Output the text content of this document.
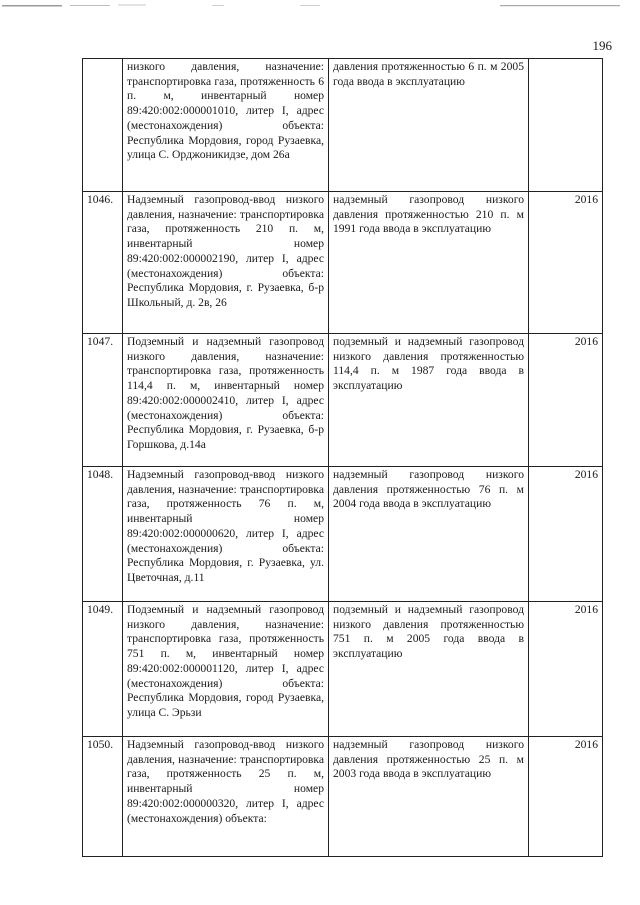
196
	низкого давления, назначение: транспортировка газа, протяженность 6 п. м, инвентарный номер 89:420:002:000001010, литер I, адрес (местонахождения) объекта: Республика Мордовия, город Рузаевка, улица С. Орджоникидзе, дом 26а	давления протяженностью 6 п. м 2005 года ввода в эксплуатацию	
1046.	Надземный газопровод-ввод низкого давления, назначение: транспортировка газа, протяженность 210 п. м, инвентарный номер 89:420:002:000002190, литер I, адрес (местонахождения) объекта: Республика Мордовия, г. Рузаевка, б-р Школьный, д. 2в, 26	надземный газопровод низкого давления протяженностью 210 п. м 1991 года ввода в эксплуатацию	2016
1047.	Подземный и надземный газопровод низкого давления, назначение: транспортировка газа, протяженность 114,4 п. м, инвентарный номер 89:420:002:000002410, литер I, адрес (местонахождения) объекта: Республика Мордовия, г. Рузаевка, б-р Горшкова, д.14а	подземный и надземный газопровод низкого давления протяженностью 114,4 п. м 1987 года ввода в эксплуатацию	2016
1048.	Надземный газопровод-ввод низкого давления, назначение: транспортировка газа, протяженность 76 п. м, инвентарный номер 89:420:002:000000620, литер I, адрес (местонахождения) объекта: Республика Мордовия, г. Рузаевка, ул. Цветочная, д.11	надземный газопровод низкого давления протяженностью 76 п. м 2004 года ввода в эксплуатацию	2016
1049.	Подземный и надземный газопровод низкого давления, назначение: транспортировка газа, протяженность 751 п. м, инвентарный номер 89:420:002:000001120, литер I, адрес (местонахождения) объекта: Республика Мордовия, город Рузаевка, улица С. Эрьзи	подземный и надземный газопровод низкого давления протяженностью 751 п. м 2005 года ввода в эксплуатацию	2016
1050.	Надземный газопровод-ввод низкого давления, назначение: транспортировка газа, протяженность 25 п. м, инвентарный номер 89:420:002:000000320, литер I, адрес (местонахождения) объекта:	надземный газопровод низкого давления протяженностью 25 п. м 2003 года ввода в эксплуатацию	2016
